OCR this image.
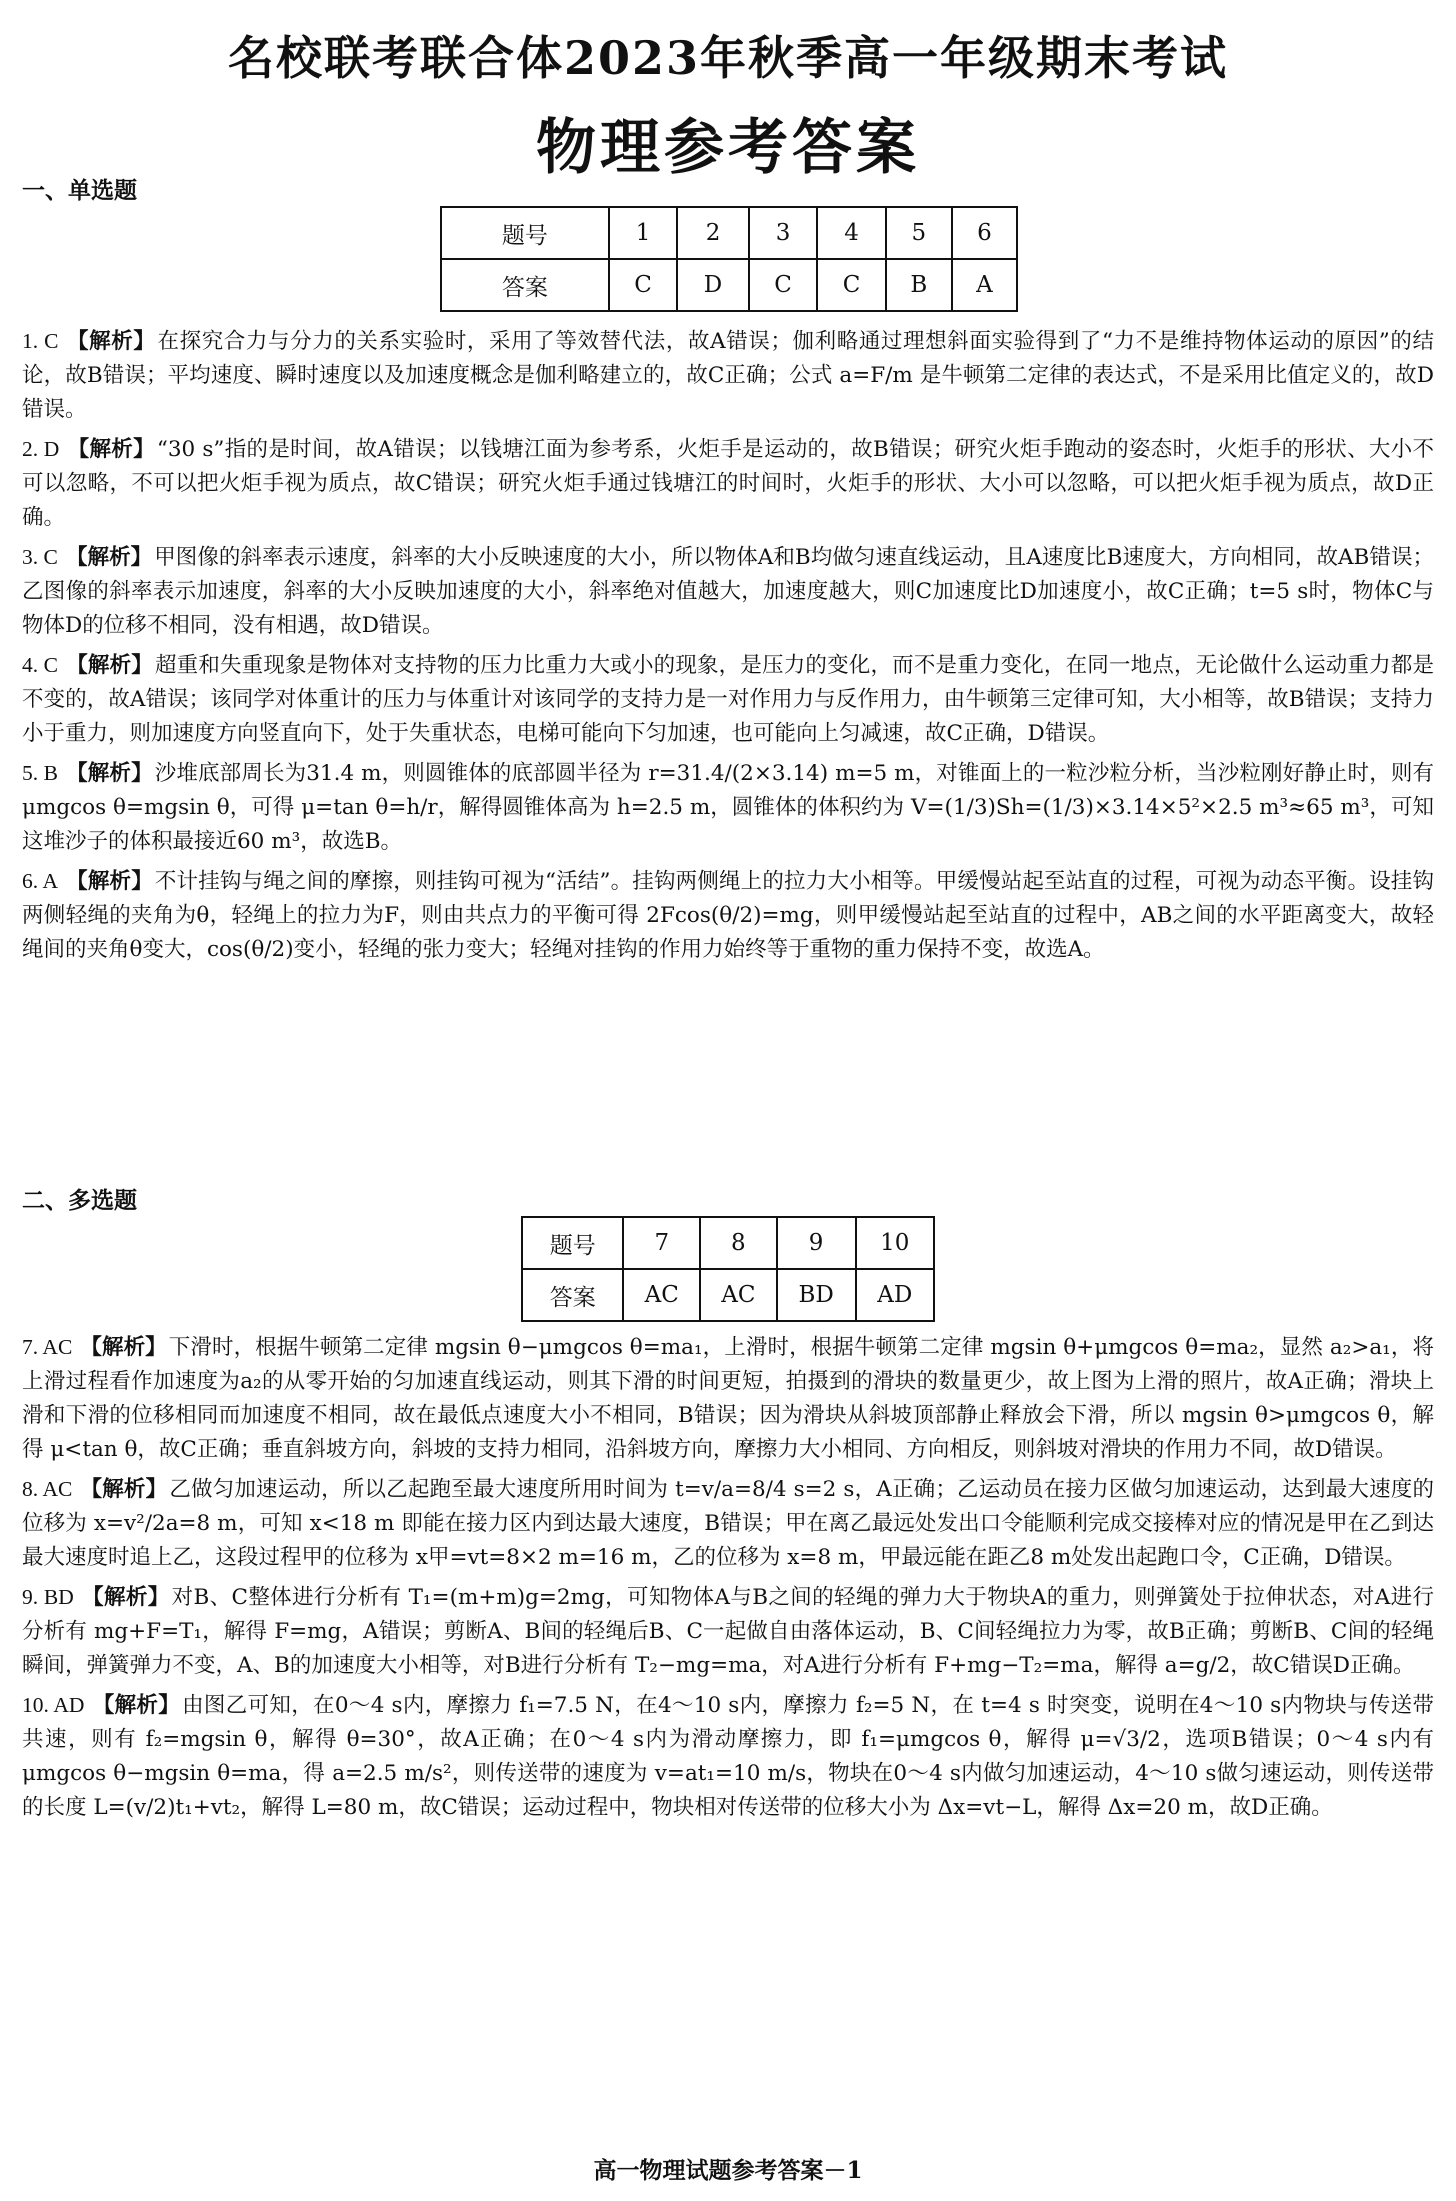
名校联考联合体2023年秋季高一年级期末考试
物理参考答案
一、单选题
题号	1	2	3	4	5	6
答案	C	D	C	C	B	A

1. C 【解析】在探究合力与分力的关系实验时，采用了等效替代法，故A错误；伽利略通过理想斜面实验得到了“力不是维持物体运动的原因”的结论，故B错误；平均速度、瞬时速度以及加速度概念是伽利略建立的，故C正确；公式 a=F/m 是牛顿第二定律的表达式，不是采用比值定义的，故D错误。

2. D 【解析】“30 s”指的是时间，故A错误；以钱塘江面为参考系，火炬手是运动的，故B错误；研究火炬手跑动的姿态时，火炬手的形状、大小不可以忽略，不可以把火炬手视为质点，故C错误；研究火炬手通过钱塘江的时间时，火炬手的形状、大小可以忽略，可以把火炬手视为质点，故D正确。

3. C 【解析】甲图像的斜率表示速度，斜率的大小反映速度的大小，所以物体A和B均做匀速直线运动，且A速度比B速度大，方向相同，故AB错误；乙图像的斜率表示加速度，斜率的大小反映加速度的大小，斜率绝对值越大，加速度越大，则C加速度比D加速度小，故C正确；t=5 s时，物体C与物体D的位移不相同，没有相遇，故D错误。

4. C 【解析】超重和失重现象是物体对支持物的压力比重力大或小的现象，是压力的变化，而不是重力变化，在同一地点，无论做什么运动重力都是不变的，故A错误；该同学对体重计的压力与体重计对该同学的支持力是一对作用力与反作用力，由牛顿第三定律可知，大小相等，故B错误；支持力小于重力，则加速度方向竖直向下，处于失重状态，电梯可能向下匀加速，也可能向上匀减速，故C正确，D错误。

5. B 【解析】沙堆底部周长为31.4 m，则圆锥体的底部圆半径为 r=31.4/(2×3.14) m=5 m，对锥面上的一粒沙粒分析，当沙粒刚好静止时，则有 μmgcos θ=mgsin θ，可得 μ=tan θ=h/r，解得圆锥体高为 h=2.5 m，圆锥体的体积约为 V=(1/3)Sh=(1/3)×3.14×5²×2.5 m³≈65 m³，可知这堆沙子的体积最接近60 m³，故选B。

6. A 【解析】不计挂钩与绳之间的摩擦，则挂钩可视为“活结”。挂钩两侧绳上的拉力大小相等。甲缓慢站起至站直的过程，可视为动态平衡。设挂钩两侧轻绳的夹角为θ，轻绳上的拉力为F，则由共点力的平衡可得 2Fcos(θ/2)=mg，则甲缓慢站起至站直的过程中，AB之间的水平距离变大，故轻绳间的夹角θ变大，cos(θ/2)变小，轻绳的张力变大；轻绳对挂钩的作用力始终等于重物的重力保持不变，故选A。

二、多选题
题号	7	8	9	10
答案	AC	AC	BD	AD

7. AC 【解析】下滑时，根据牛顿第二定律 mgsin θ−μmgcos θ=ma₁，上滑时，根据牛顿第二定律 mgsin θ+μmgcos θ=ma₂，显然 a₂>a₁，将上滑过程看作加速度为a₂的从零开始的匀加速直线运动，则其下滑的时间更短，拍摄到的滑块的数量更少，故上图为上滑的照片，故A正确；滑块上滑和下滑的位移相同而加速度不相同，故在最低点速度大小不相同，B错误；因为滑块从斜坡顶部静止释放会下滑，所以 mgsin θ>μmgcos θ，解得 μ<tan θ，故C正确；垂直斜坡方向，斜坡的支持力相同，沿斜坡方向，摩擦力大小相同、方向相反，则斜坡对滑块的作用力不同，故D错误。

8. AC 【解析】乙做匀加速运动，所以乙起跑至最大速度所用时间为 t=v/a=8/4 s=2 s，A正确；乙运动员在接力区做匀加速运动，达到最大速度的位移为 x=v²/2a=8 m，可知 x<18 m 即能在接力区内到达最大速度，B错误；甲在离乙最远处发出口令能顺利完成交接棒对应的情况是甲在乙到达最大速度时追上乙，这段过程甲的位移为 x甲=vt=8×2 m=16 m，乙的位移为 x=8 m，甲最远能在距乙8 m处发出起跑口令，C正确，D错误。

9. BD 【解析】对B、C整体进行分析有 T₁=(m+m)g=2mg，可知物体A与B之间的轻绳的弹力大于物块A的重力，则弹簧处于拉伸状态，对A进行分析有 mg+F=T₁，解得 F=mg，A错误；剪断A、B间的轻绳后B、C一起做自由落体运动，B、C间轻绳拉力为零，故B正确；剪断B、C间的轻绳瞬间，弹簧弹力不变，A、B的加速度大小相等，对B进行分析有 T₂−mg=ma，对A进行分析有 F+mg−T₂=ma，解得 a=g/2，故C错误D正确。

10. AD 【解析】由图乙可知，在0～4 s内，摩擦力 f₁=7.5 N，在4～10 s内，摩擦力 f₂=5 N，在 t=4 s 时突变，说明在4～10 s内物块与传送带共速，则有 f₂=mgsin θ，解得 θ=30°，故A正确；在0～4 s内为滑动摩擦力，即 f₁=μmgcos θ，解得 μ=√3/2，选项B错误；0～4 s内有 μmgcos θ−mgsin θ=ma，得 a=2.5 m/s²，则传送带的速度为 v=at₁=10 m/s，物块在0～4 s内做匀加速运动，4～10 s做匀速运动，则传送带的长度 L=(v/2)t₁+vt₂，解得 L=80 m，故C错误；运动过程中，物块相对传送带的位移大小为 Δx=vt−L，解得 Δx=20 m，故D正确。

高一物理试题参考答案－1
